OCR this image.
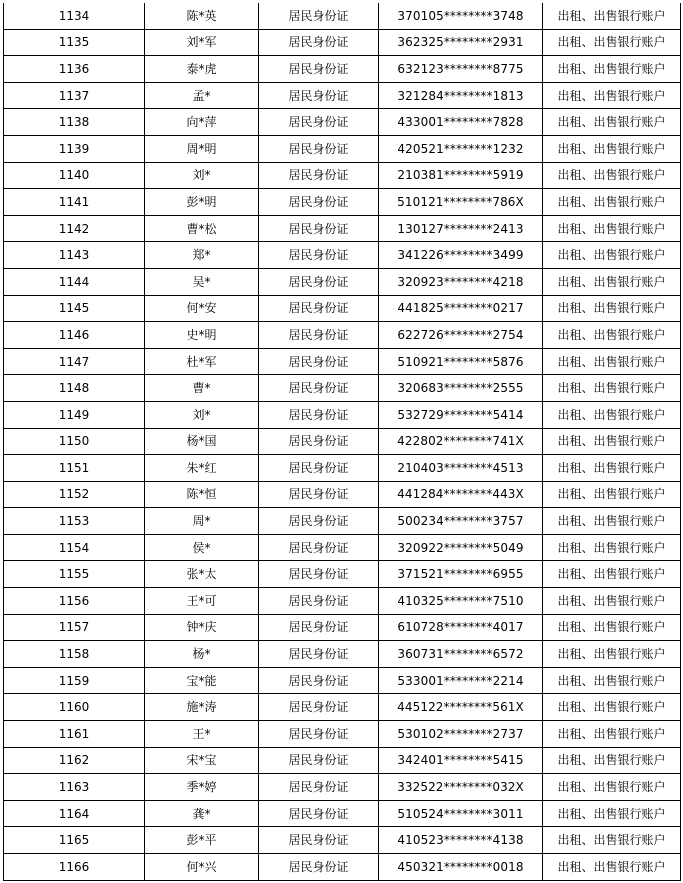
1134	陈*英	居民身份证	370105********3748	出租、出售银行账户
1135	刘*军	居民身份证	362325********2931	出租、出售银行账户
1136	泰*虎	居民身份证	632123********8775	出租、出售银行账户
1137	孟*	居民身份证	321284********1813	出租、出售银行账户
1138	向*萍	居民身份证	433001********7828	出租、出售银行账户
1139	周*明	居民身份证	420521********1232	出租、出售银行账户
1140	刘*	居民身份证	210381********5919	出租、出售银行账户
1141	彭*明	居民身份证	510121********786X	出租、出售银行账户
1142	曹*松	居民身份证	130127********2413	出租、出售银行账户
1143	郑*	居民身份证	341226********3499	出租、出售银行账户
1144	吴*	居民身份证	320923********4218	出租、出售银行账户
1145	何*安	居民身份证	441825********0217	出租、出售银行账户
1146	史*明	居民身份证	622726********2754	出租、出售银行账户
1147	杜*军	居民身份证	510921********5876	出租、出售银行账户
1148	曹*	居民身份证	320683********2555	出租、出售银行账户
1149	刘*	居民身份证	532729********5414	出租、出售银行账户
1150	杨*国	居民身份证	422802********741X	出租、出售银行账户
1151	朱*红	居民身份证	210403********4513	出租、出售银行账户
1152	陈*恒	居民身份证	441284********443X	出租、出售银行账户
1153	周*	居民身份证	500234********3757	出租、出售银行账户
1154	侯*	居民身份证	320922********5049	出租、出售银行账户
1155	张*太	居民身份证	371521********6955	出租、出售银行账户
1156	王*可	居民身份证	410325********7510	出租、出售银行账户
1157	钟*庆	居民身份证	610728********4017	出租、出售银行账户
1158	杨*	居民身份证	360731********6572	出租、出售银行账户
1159	宝*能	居民身份证	533001********2214	出租、出售银行账户
1160	施*涛	居民身份证	445122********561X	出租、出售银行账户
1161	王*	居民身份证	530102********2737	出租、出售银行账户
1162	宋*宝	居民身份证	342401********5415	出租、出售银行账户
1163	季*婷	居民身份证	332522********032X	出租、出售银行账户
1164	龚*	居民身份证	510524********3011	出租、出售银行账户
1165	彭*平	居民身份证	410523********4138	出租、出售银行账户
1166	何*兴	居民身份证	450321********0018	出租、出售银行账户
